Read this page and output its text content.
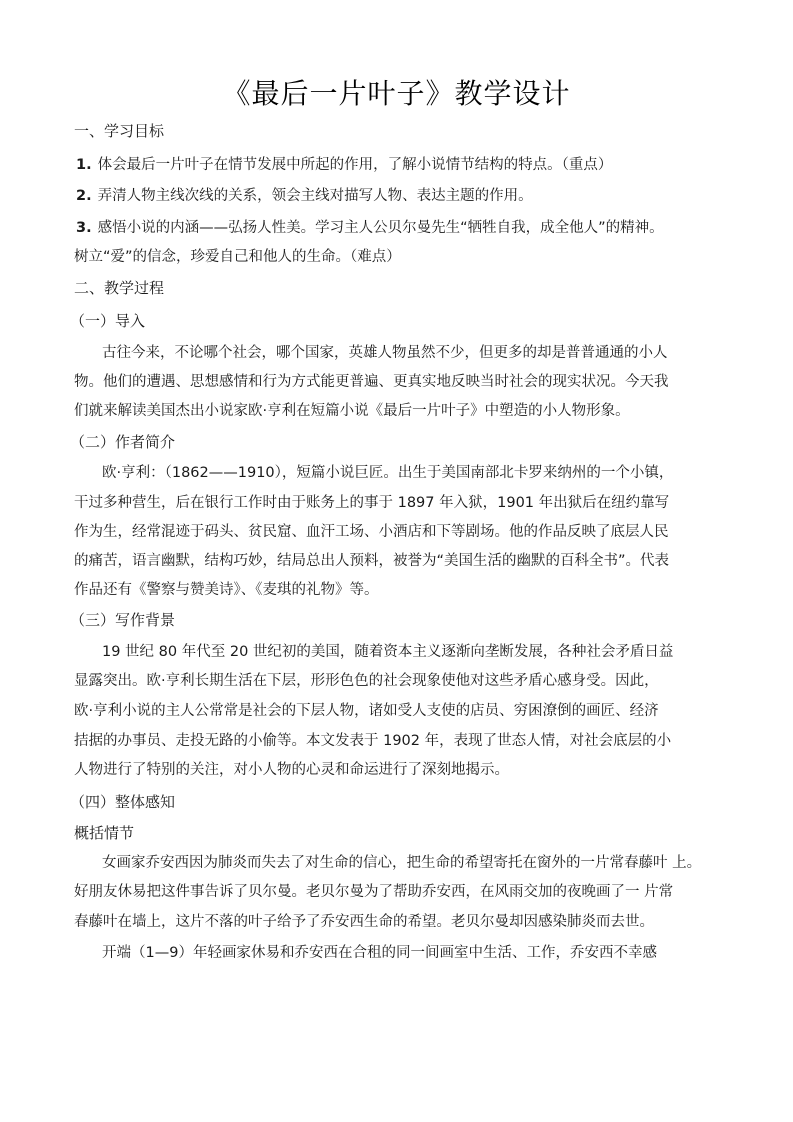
《最后一片叶子》教学设计
一、学习目标
1. 体会最后一片叶子在情节发展中所起的作用，了解小说情节结构的特点。（重点）
2. 弄清人物主线次线的关系，领会主线对描写人物、表达主题的作用。
3. 感悟小说的内涵——弘扬人性美。学习主人公贝尔曼先生“牺牲自我，成全他人”的精神。
树立“爱”的信念，珍爱自己和他人的生命。（难点）
二、教学过程
（一）导入
古往今来，不论哪个社会，哪个国家，英雄人物虽然不少，但更多的却是普普通通的小人
物。他们的遭遇、思想感情和行为方式能更普遍、更真实地反映当时社会的现实状况。今天我
们就来解读美国杰出小说家欧·亨利在短篇小说《最后一片叶子》中塑造的小人物形象。
（二）作者简介
欧·亨利：（1862——1910），短篇小说巨匠。出生于美国南部北卡罗来纳州的一个小镇，
干过多种营生，后在银行工作时由于账务上的事于 1897 年入狱，1901 年出狱后在纽约靠写
作为生，经常混迹于码头、贫民窟、血汗工场、小酒店和下等剧场。他的作品反映了底层人民
的痛苦，语言幽默，结构巧妙，结局总出人预料，被誉为“美国生活的幽默的百科全书”。代表
作品还有《警察与赞美诗》、《麦琪的礼物》等。
（三）写作背景
19 世纪 80 年代至 20 世纪初的美国，随着资本主义逐渐向垄断发展，各种社会矛盾日益
显露突出。欧·亨利长期生活在下层，形形色色的社会现象使他对这些矛盾心感身受。因此，
欧·亨利小说的主人公常常是社会的下层人物，诸如受人支使的店员、穷困潦倒的画匠、经济
拮据的办事员、走投无路的小偷等。本文发表于 1902 年，表现了世态人情，对社会底层的小
人物进行了特别的关注，对小人物的心灵和命运进行了深刻地揭示。
（四）整体感知
概括情节
女画家乔安西因为肺炎而失去了对生命的信心，把生命的希望寄托在窗外的一片常春藤叶 上。
好朋友休易把这件事告诉了贝尔曼。老贝尔曼为了帮助乔安西，在风雨交加的夜晚画了一 片常
春藤叶在墙上，这片不落的叶子给予了乔安西生命的希望。老贝尔曼却因感染肺炎而去世。
开端（1—9）年轻画家休易和乔安西在合租的同一间画室中生活、工作，乔安西不幸感
